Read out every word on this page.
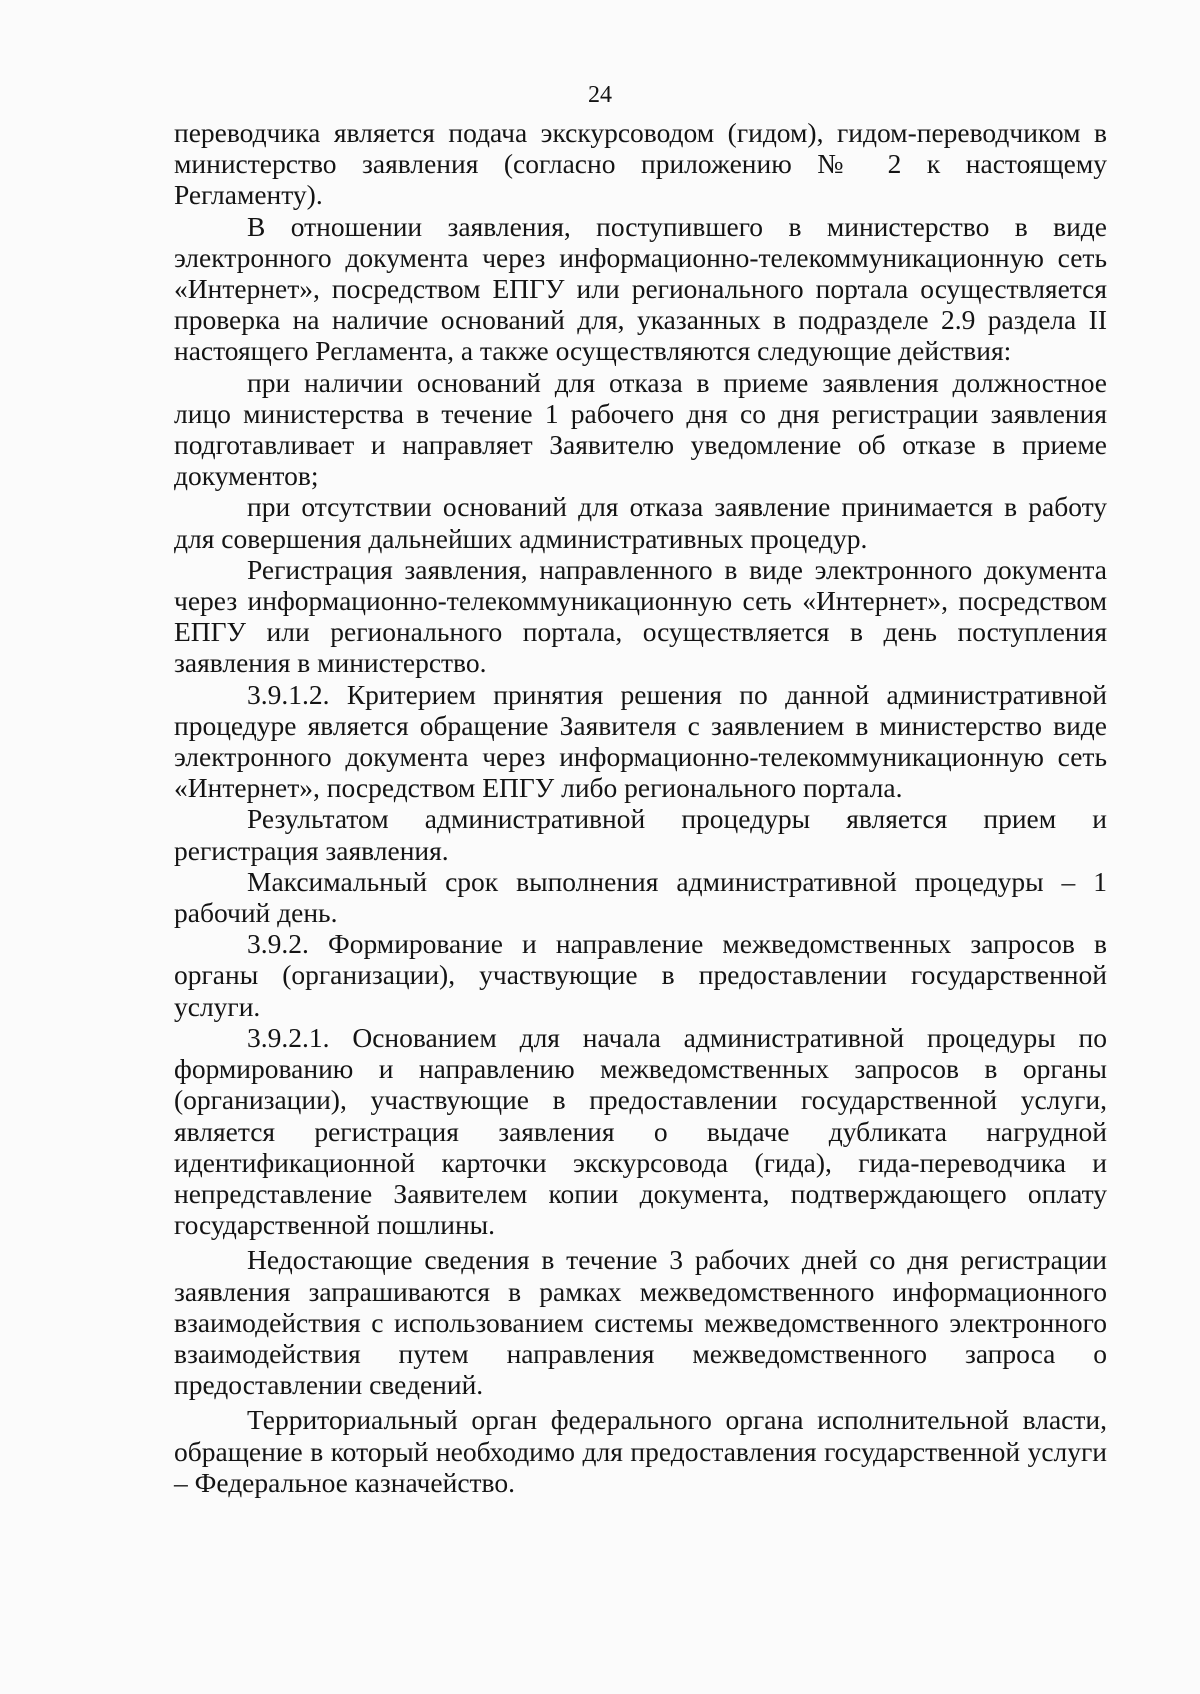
24

переводчика является подача экскурсоводом (гидом), гидом-переводчиком в министерство заявления (согласно приложению № 2 к настоящему Регламенту).

В отношении заявления, поступившего в министерство в виде электронного документа через информационно-телекоммуникационную сеть «Интернет», посредством ЕПГУ или регионального портала осуществляется проверка на наличие оснований для, указанных в подразделе 2.9 раздела II настоящего Регламента, а также осуществляются следующие действия:

при наличии оснований для отказа в приеме заявления должностное лицо министерства в течение 1 рабочего дня со дня регистрации заявления подготавливает и направляет Заявителю уведомление об отказе в приеме документов;

при отсутствии оснований для отказа заявление принимается в работу для совершения дальнейших административных процедур.

Регистрация заявления, направленного в виде электронного документа через информационно-телекоммуникационную сеть «Интернет», посредством ЕПГУ или регионального портала, осуществляется в день поступления заявления в министерство.

3.9.1.2. Критерием принятия решения по данной административной процедуре является обращение Заявителя с заявлением в министерство виде электронного документа через информационно-телекоммуникационную сеть «Интернет», посредством ЕПГУ либо регионального портала.

Результатом административной процедуры является прием и регистрация заявления.

Максимальный срок выполнения административной процедуры – 1 рабочий день.

3.9.2. Формирование и направление межведомственных запросов в органы (организации), участвующие в предоставлении государственной услуги.

3.9.2.1. Основанием для начала административной процедуры по формированию и направлению межведомственных запросов в органы (организации), участвующие в предоставлении государственной услуги, является регистрация заявления о выдаче дубликата нагрудной идентификационной карточки экскурсовода (гида), гида-переводчика и непредставление Заявителем копии документа, подтверждающего оплату государственной пошлины.

Недостающие сведения в течение 3 рабочих дней со дня регистрации заявления запрашиваются в рамках межведомственного информационного взаимодействия с использованием системы межведомственного электронного взаимодействия путем направления межведомственного запроса о предоставлении сведений.

Территориальный орган федерального органа исполнительной власти, обращение в который необходимо для предоставления государственной услуги – Федеральное казначейство.
